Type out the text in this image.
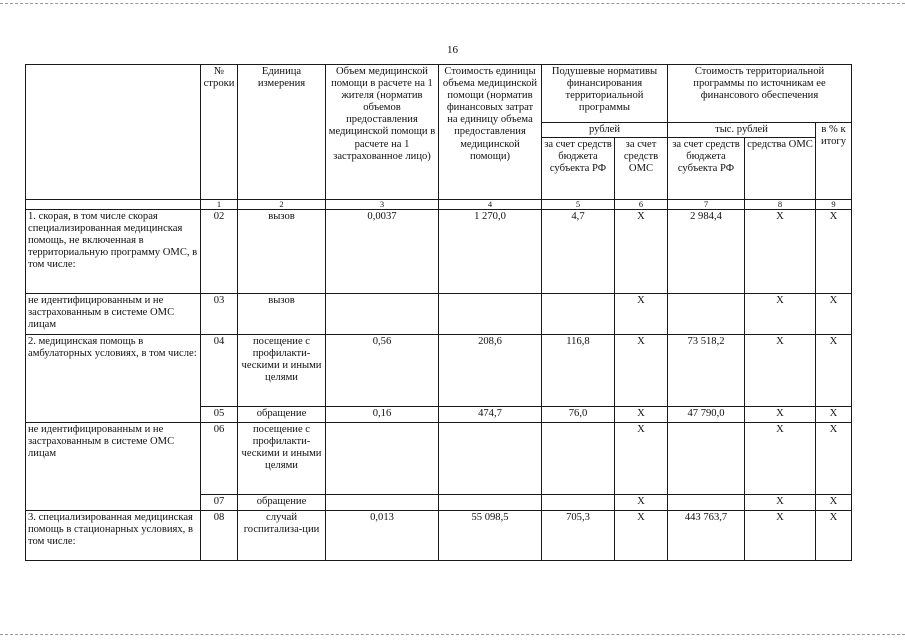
16
	№ строки	Единица измерения	Объем медицинской помощи в расчете на 1 жителя (норматив объемов предоставления медицинской помощи в расчете на 1 застрахованное лицо)	Стоимость единицы объема медицинской помощи (норматив финансовых затрат на единицу объема предоставления медицинской помощи)	Подушевые нормативы финансирования территориальной программы		Стоимость территориальной программы по источникам ее финансового обеспечения		
					рублей		тыс. рублей		в % к итогу
					за счет средств бюджета субъекта РФ	за счет средств ОМС	за счет средств бюджета субъекта РФ	средства ОМС	
	1	2	3	4	5	6	7	8	9
1. скорая, в том числе скорая специализированная медицинская помощь, не включенная в территориальную программу ОМС, в том числе:	02	вызов	0,0037	1 270,0	4,7	Х	2 984,4	Х	Х
не идентифицированным и не застрахованным в системе ОМС лицам	03	вызов				Х		Х	Х
2. медицинская помощь в амбулаторных условиях, в том числе:	04	посещение с профилакти-ческими и иными целями	0,56	208,6	116,8	Х	73 518,2	Х	Х
	05	обращение	0,16	474,7	76,0	Х	47 790,0	Х	Х
не идентифицированным и не застрахованным в системе ОМС лицам	06	посещение с профилакти-ческими и иными целями				Х		Х	Х
	07	обращение				Х		Х	Х
3. специализированная медицинская помощь в стационарных условиях, в том числе:	08	случай госпитализа-ции	0,013	55 098,5	705,3	Х	443 763,7	Х	Х
